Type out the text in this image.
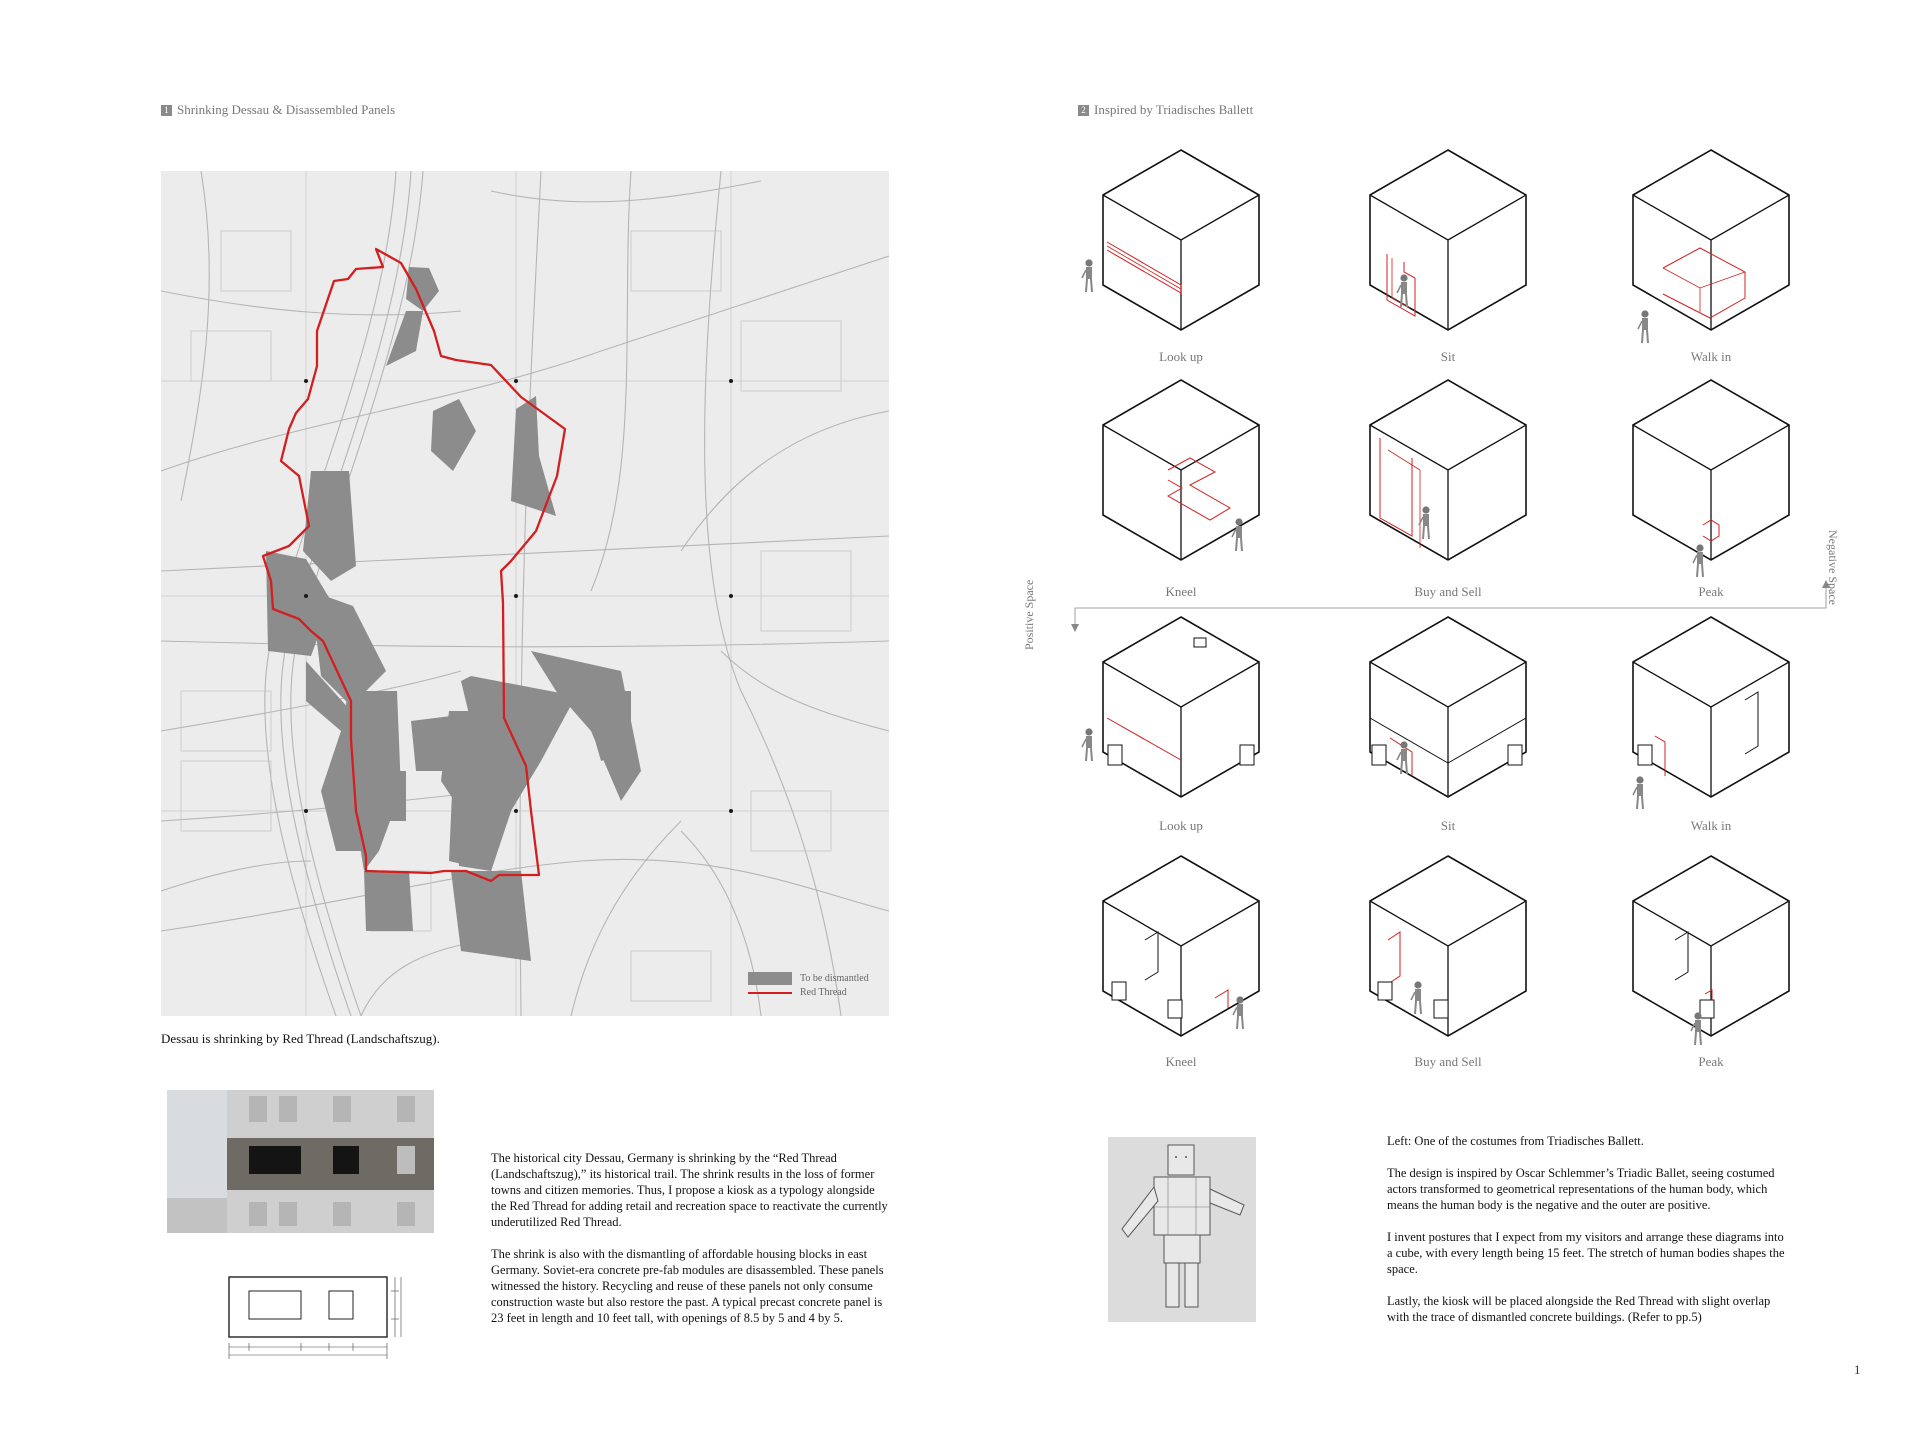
1 Shrinking Dessau & Disassembled Panels
To be dismantled
Red Thread
Dessau is shrinking by Red Thread (Landschaftszug).

The historical city Dessau, Germany is shrinking by the “Red Thread (Landschaftszug),” its historical trail. The shrink results in the loss of former towns and citizen memories. Thus, I propose a kiosk as a typology alongside the Red Thread for adding retail and recreation space to reactivate the currently underutilized Red Thread.

The shrink is also with the dismantling of affordable housing blocks in east Germany. Soviet-era concrete pre-fab modules are disassembled. These panels witnessed the history. Recycling and reuse of these panels not only consume construction waste but also restore the past. A typical precast concrete panel is 23 feet in length and 10 feet tall, with openings of 8.5 by 5 and 4 by 5.

2 Inspired by Triadisches Ballett
Look up	Sit	Walk in
Kneel	Buy and Sell	Peak
Look up	Sit	Walk in
Kneel	Buy and Sell	Peak
Positive Space
Negative Space

Left: One of the costumes from Triadisches Ballett.

The design is inspired by Oscar Schlemmer’s Triadic Ballet, seeing costumed actors transformed to geometrical representations of the human body, which means the human body is the negative and the outer are positive.

I invent postures that I expect from my visitors and arrange these diagrams into a cube, with every length being 15 feet. The stretch of human bodies shapes the space.

Lastly, the kiosk will be placed alongside the Red Thread with slight overlap with the trace of dismantled concrete buildings. (Refer to pp.5)

1
